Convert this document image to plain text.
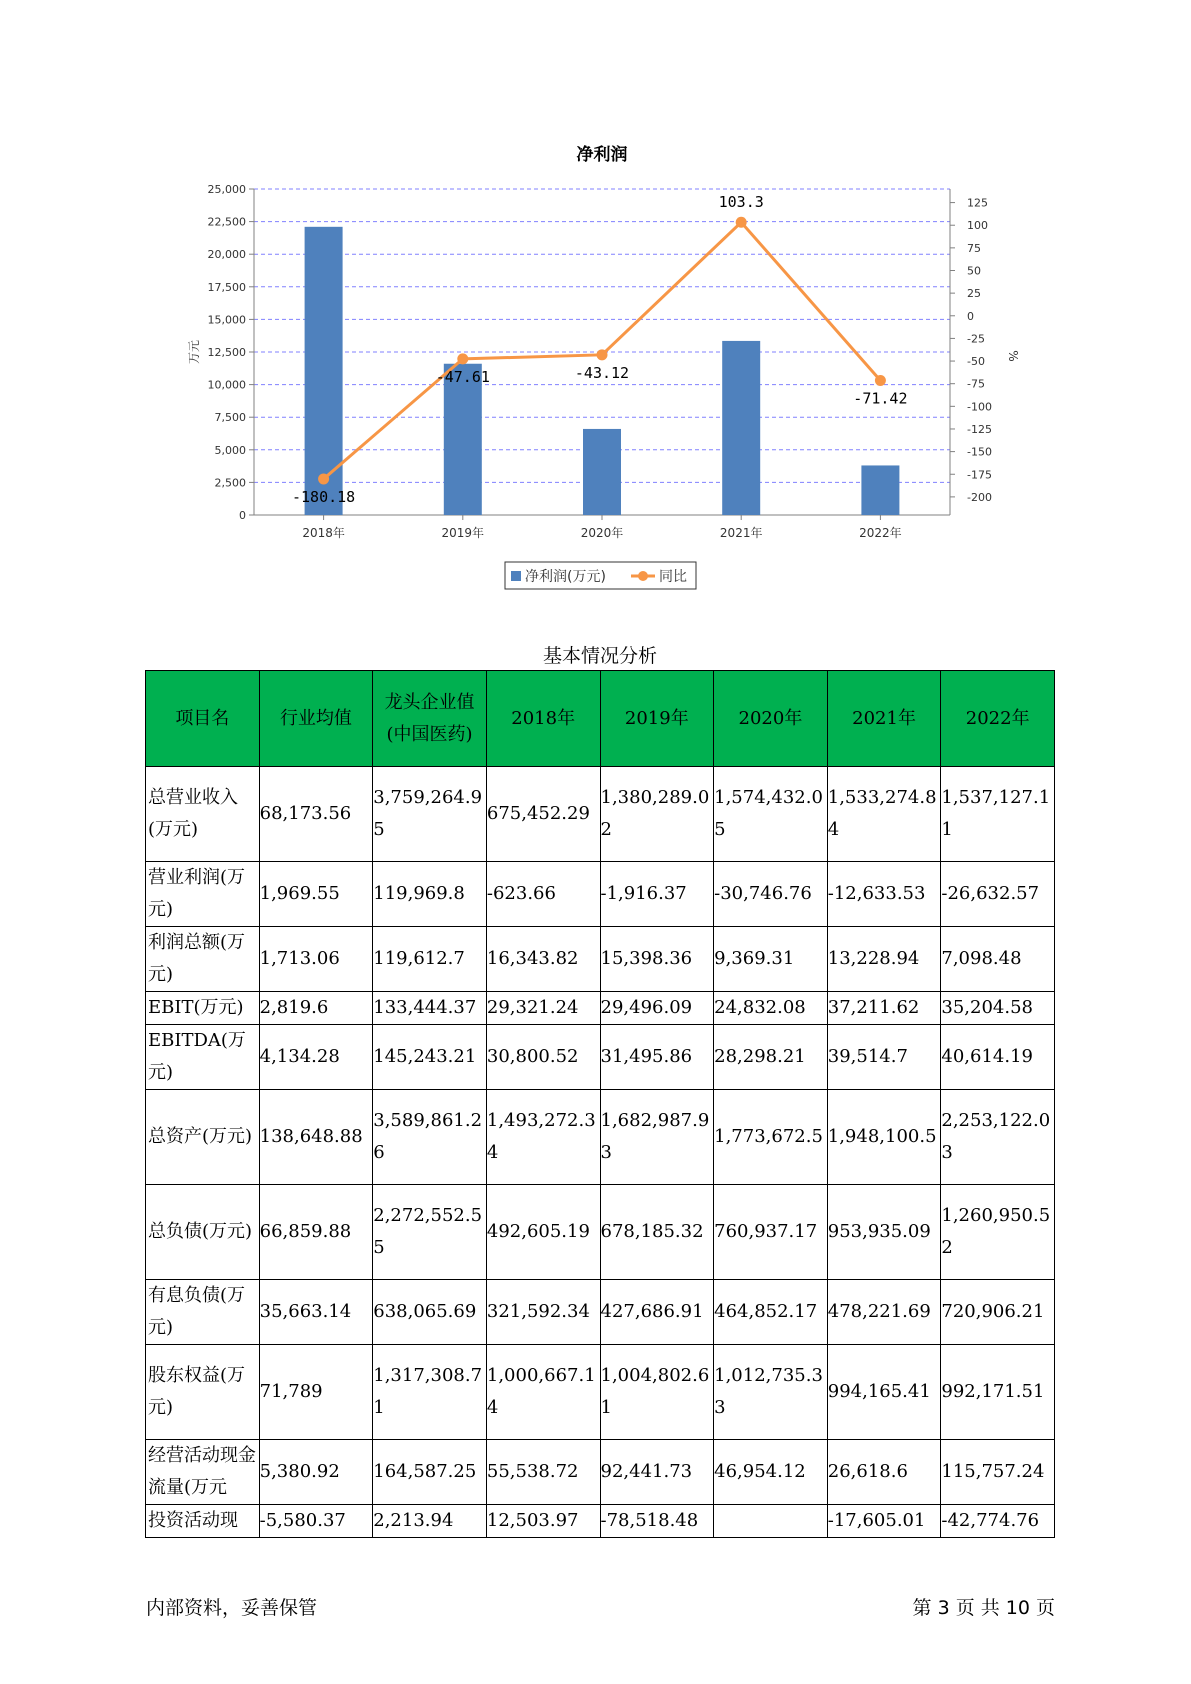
净利润
0
2,500
5,000
7,500
10,000
12,500
15,000
17,500
20,000
22,500
25,000
125
100
75
50
25
0
-25
-50
-75
-100
-125
-150
-175
-200
万元	%
2018年	2019年	2020年	2021年	2022年
-180.18
-47.61	-43.12
103.3
-71.42
净利润(万元)	同比
基本情况分析
项目名	行业均值	龙头企业值(中国医药)	2018年	2019年	2020年	2021年	2022年
总营业收入(万元)	68,173.56	3,759,264.95	675,452.29	1,380,289.02	1,574,432.05	1,533,274.84	1,537,127.11
营业利润(万元)	1,969.55	119,969.8	-623.66	-1,916.37	-30,746.76	-12,633.53	-26,632.57
利润总额(万元)	1,713.06	119,612.7	16,343.82	15,398.36	9,369.31	13,228.94	7,098.48
EBIT(万元)	2,819.6	133,444.37	29,321.24	29,496.09	24,832.08	37,211.62	35,204.58
EBITDA(万元)	4,134.28	145,243.21	30,800.52	31,495.86	28,298.21	39,514.7	40,614.19
总资产(万元)	138,648.88	3,589,861.26	1,493,272.34	1,682,987.93	1,773,672.5	1,948,100.5	2,253,122.03
总负债(万元)	66,859.88	2,272,552.55	492,605.19	678,185.32	760,937.17	953,935.09	1,260,950.52
有息负债(万元)	35,663.14	638,065.69	321,592.34	427,686.91	464,852.17	478,221.69	720,906.21
股东权益(万元)	71,789	1,317,308.71	1,000,667.14	1,004,802.61	1,012,735.33	994,165.41	992,171.51
经营活动现金流量(万元	5,380.92	164,587.25	55,538.72	92,441.73	46,954.12	26,618.6	115,757.24
投资活动现	-5,580.37	2,213.94	12,503.97	-78,518.48		-17,605.01	-42,774.76
内部资料，妥善保管	第 3 页 共 10 页
